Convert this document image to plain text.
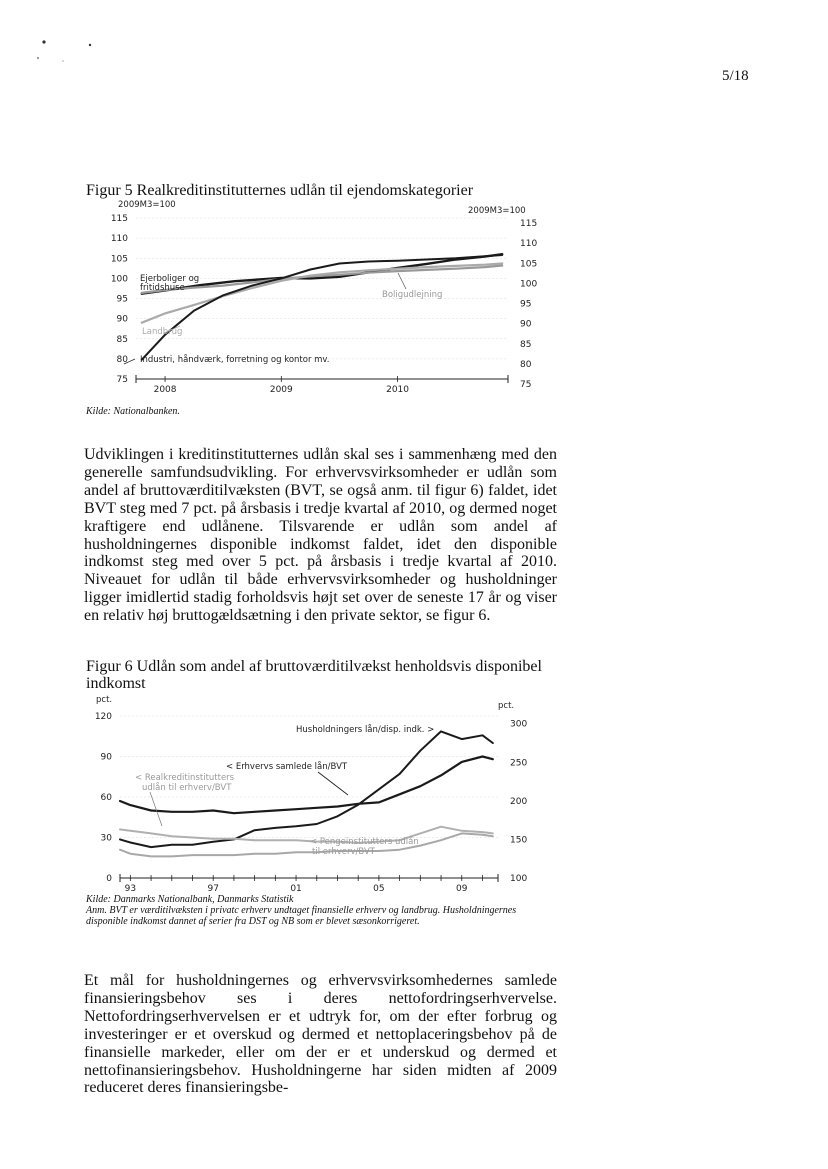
5/18
Figur 5 Realkreditinstitutternes udlån til ejendomskategorier
75
80
85
90
95
100
105
110
115
75
80
85
90
95
100
105
110
115
2008	2009	2010
2009M3=100
2009M3=100
Ejerboliger og
fritidshuse
Boligudlejning
Landbrug
Industri, håndværk, forretning og kontor mv.
Kilde: Nationalbanken.

Udviklingen i kreditinstitutternes udlån skal ses i sammenhæng med den generelle samfundsudvikling. For erhvervsvirksomheder er udlån som andel af bruttoværditilvæksten (BVT, se også anm. til figur 6) faldet, idet BVT steg med 7 pct. på årsbasis i tredje kvartal af 2010, og dermed noget kraftigere end udlånene. Tilsvarende er udlån som andel af husholdningernes disponible indkomst faldet, idet den disponible indkomst steg med over 5 pct. på årsbasis i tredje kvartal af 2010. Niveauet for udlån til både erhvervsvirksomheder og husholdninger ligger imidlertid stadig forholdsvis højt set over de seneste 17 år og viser en relativ høj bruttogældsætning i den private sektor, se figur 6.

Figur 6 Udlån som andel af bruttoværditilvækst henholdsvis disponibel indkomst
0
30
60
90
120
100
150
200
250
300
93	97	01	05	09
pct.
pct.
Husholdningers lån/disp. indk. >
< Erhvervs samlede lån/BVT
< Realkreditinstitutters
udlån til erhverv/BVT
< Pengeinstitutters udlån
til erhverv/BVT
Kilde: Danmarks Nationalbank, Danmarks Statistik
Anm. BVT er værditilvæksten i privatc erhverv undtaget finansielle erhverv og landbrug. Husholdningernes disponible indkomst dannet af serier fra DST og NB som er blevet sæsonkorrigeret.

Et mål for husholdningernes og erhvervsvirksomhedernes samlede finansieringsbehov ses i deres nettofordringserhvervelse. Nettofordringserhvervelsen er et udtryk for, om der efter forbrug og investeringer er et overskud og dermed et nettoplaceringsbehov på de finansielle markeder, eller om der er et underskud og dermed et nettofinansieringsbehov. Husholdningerne har siden midten af 2009 reduceret deres finansieringsbe-
